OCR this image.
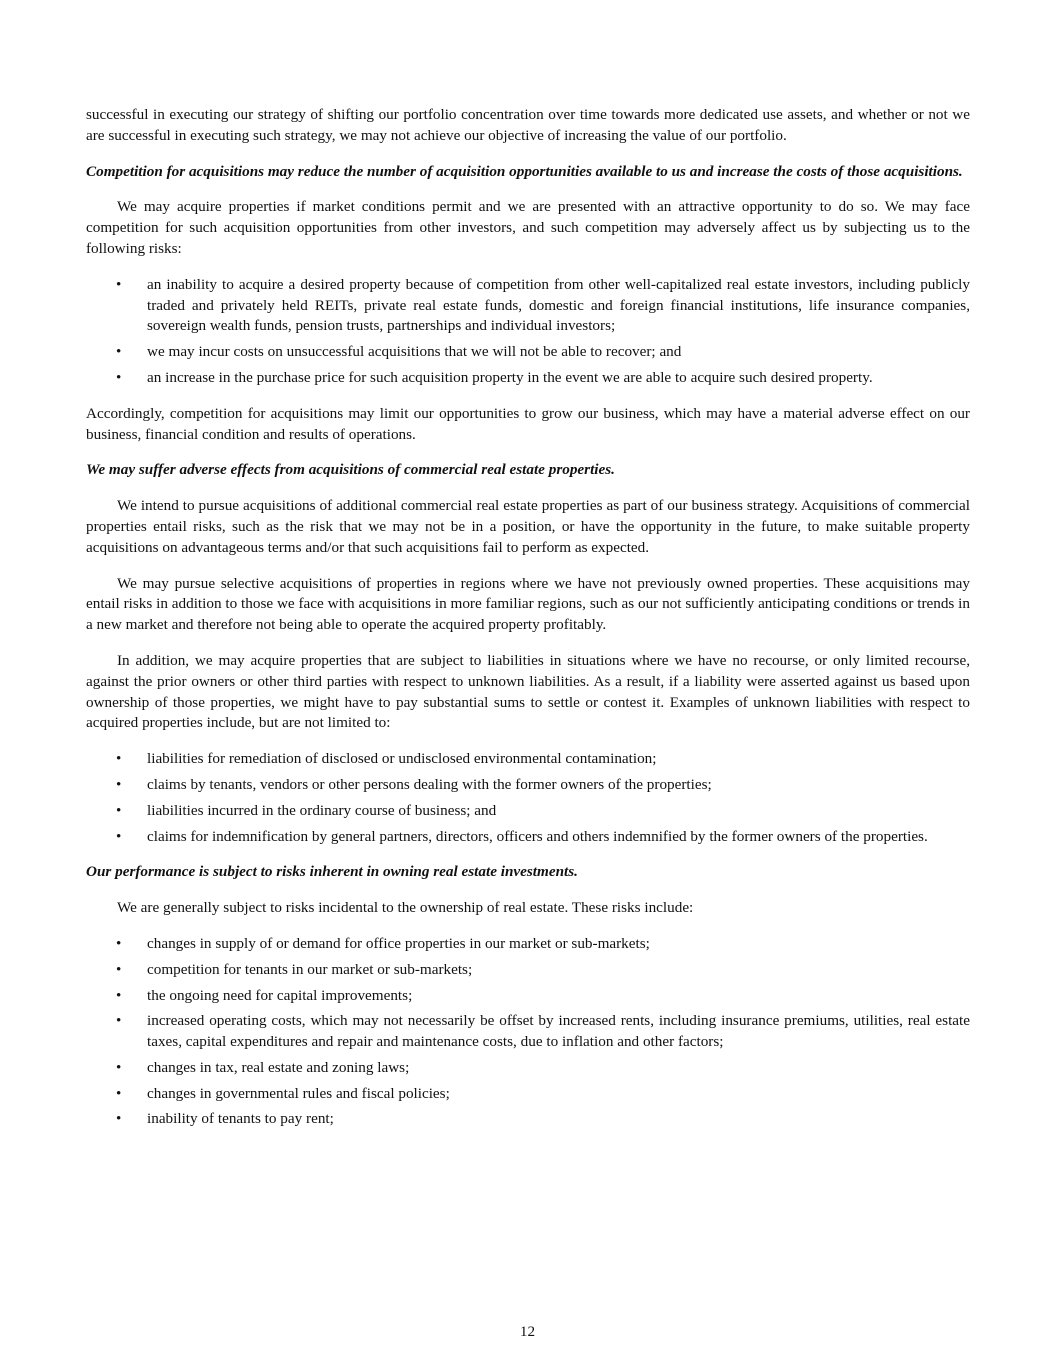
successful in executing our strategy of shifting our portfolio concentration over time towards more dedicated use assets, and whether or not we are successful in executing such strategy, we may not achieve our objective of increasing the value of our portfolio.

Competition for acquisitions may reduce the number of acquisition opportunities available to us and increase the costs of those acquisitions.

We may acquire properties if market conditions permit and we are presented with an attractive opportunity to do so. We may face competition for such acquisition opportunities from other investors, and such competition may adversely affect us by subjecting us to the following risks:

• an inability to acquire a desired property because of competition from other well-capitalized real estate investors, including publicly traded and privately held REITs, private real estate funds, domestic and foreign financial institutions, life insurance companies, sovereign wealth funds, pension trusts, partnerships and individual investors;
• we may incur costs on unsuccessful acquisitions that we will not be able to recover; and
• an increase in the purchase price for such acquisition property in the event we are able to acquire such desired property.

Accordingly, competition for acquisitions may limit our opportunities to grow our business, which may have a material adverse effect on our business, financial condition and results of operations.

We may suffer adverse effects from acquisitions of commercial real estate properties.

We intend to pursue acquisitions of additional commercial real estate properties as part of our business strategy. Acquisitions of commercial properties entail risks, such as the risk that we may not be in a position, or have the opportunity in the future, to make suitable property acquisitions on advantageous terms and/or that such acquisitions fail to perform as expected.

We may pursue selective acquisitions of properties in regions where we have not previously owned properties. These acquisitions may entail risks in addition to those we face with acquisitions in more familiar regions, such as our not sufficiently anticipating conditions or trends in a new market and therefore not being able to operate the acquired property profitably.

In addition, we may acquire properties that are subject to liabilities in situations where we have no recourse, or only limited recourse, against the prior owners or other third parties with respect to unknown liabilities. As a result, if a liability were asserted against us based upon ownership of those properties, we might have to pay substantial sums to settle or contest it. Examples of unknown liabilities with respect to acquired properties include, but are not limited to:

• liabilities for remediation of disclosed or undisclosed environmental contamination;
• claims by tenants, vendors or other persons dealing with the former owners of the properties;
• liabilities incurred in the ordinary course of business; and
• claims for indemnification by general partners, directors, officers and others indemnified by the former owners of the properties.

Our performance is subject to risks inherent in owning real estate investments.

We are generally subject to risks incidental to the ownership of real estate. These risks include:

• changes in supply of or demand for office properties in our market or sub-markets;
• competition for tenants in our market or sub-markets;
• the ongoing need for capital improvements;
• increased operating costs, which may not necessarily be offset by increased rents, including insurance premiums, utilities, real estate taxes, capital expenditures and repair and maintenance costs, due to inflation and other factors;
• changes in tax, real estate and zoning laws;
• changes in governmental rules and fiscal policies;
• inability of tenants to pay rent;
12
